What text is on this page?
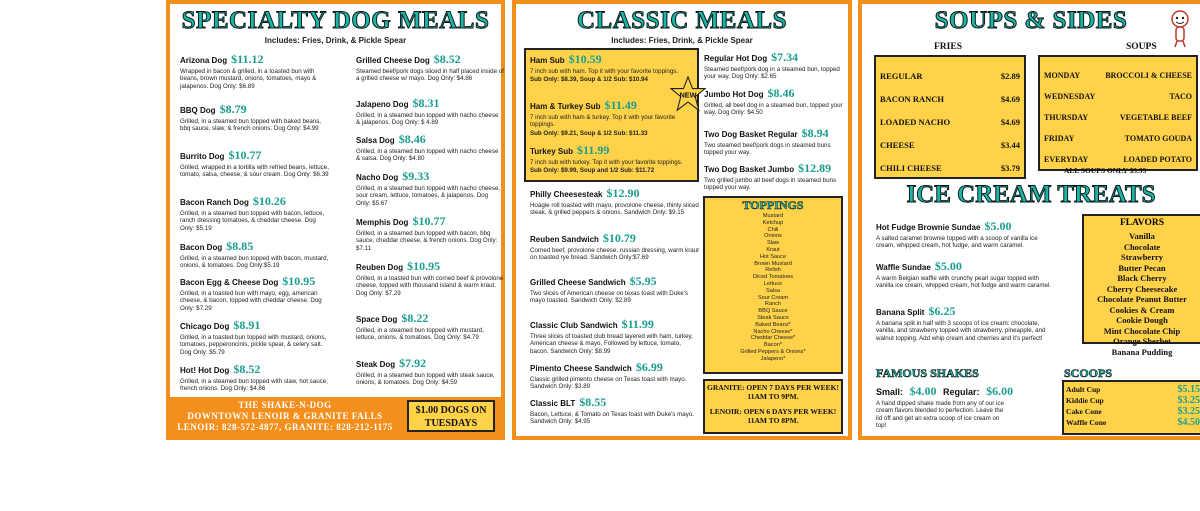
SPECIALTY DOG MEALS
Includes: Fries, Drink, & Pickle Spear
Arizona Dog $11.12
Wrapped in bacon & grilled, in a toasted bun with beans, brown mustard, onions, tomatoes, mayo & jalapenos. Dog Only: $6.89
BBQ Dog $8.79
Grilled, in a steamed bun topped with baked beans, bbq sauce, slaw, & french onions. Dog Only: $4.99
Burrito Dog $10.77
Grilled, wrapped in a tortilla with refried beans, lettuce, tomato, salsa, cheese, & sour cream. Dog Only: $6.39
Bacon Ranch Dog $10.26
Grilled, in a steamed bun topped with bacon, lettuce, ranch dressing tomatoes, & cheddar cheese. Dog Only: $5.19
Bacon Dog $8.85
Grilled, in a steamed bun topped with bacon, mustard, onions, & tomatoes. Dog Only:$5.19
Bacon Egg & Cheese Dog $10.95
Grilled, in a toasted bun with mayo, egg, american cheese, & bacon, topped with cheddar cheese. Dog Only: $7.29
Chicago Dog $8.91
Grilled, in a toasted bun topped with mustard, onions, tomatoes, pepperoncinis, pickle spear, & celery salt. Dog Only: $5.79
Hot! Hot Dog $8.52
Grilled, in a steamed bun topped with slaw, hot sauce, french onions. Dog Only: $4.86
Grilled Cheese Dog $8.52
Steamed beef/pork dogs sliced in half placed inside of a grilled cheese w/ mayo. Dog Only: $4.86
Jalapeno Dog $8.31
Grilled, in a steamed bun topped with nacho cheese & jalapenos. Dog Only: $ 4.89
Salsa Dog $8.46
Grilled, in a steamed bun topped with nacho cheese & salsa. Dog Only: $4.80
Nacho Dog $9.33
Grilled, in a steamed bun topped with nacho cheese, sour cream, lettuce, tomatoes, & jalapenos. Dog Only: $5.67
Memphis Dog $10.77
Grilled, in a steamed bun topped with bacon, bbq sauce, cheddar cheese, & french onions. Dog Only: $7.11
Reuben Dog $10.95
Grilled, in a toasted bun with corned beef & provolone cheese, topped with thousand island & warm kraut. Dog Only: $7.29
Space Dog $8.22
Grilled, in a steamed bun topped with mustard, lettuce, onions, & tomatoes. Dog Only: $4.79
Steak Dog $7.92
Grilled, in a steamed bun topped with steak sauce, onions, & tomatoes. Dog Only: $4.59
THE SHAKE-N-DOG
DOWNTOWN LENOIR & GRANITE FALLS
LENOIR: 828-572-4877, GRANITE: 828-212-1175
$1.00 DOGS ON TUESDAYS
CLASSIC MEALS
Includes: Fries, Drink, & Pickle Spear
Ham Sub $10.59
7 inch sub with ham. Top it with your favorite toppings.
Sub Only: $8.39, Soup & 1/2 Sub: $10.94
Ham & Turkey Sub $11.49
7 inch sub with ham & turkey. Top it with your favorite toppings.
Sub Only: $9.21, Soup & 1/2 Sub: $11.33
Turkey Sub $11.99
7 inch sub with turkey. Top it with your favorite toppings.
Sub Only: $9.99, Soup and 1/2 Sub: $11.72
NEW
Philly Cheesesteak $12.90
Hoagie roll toasted with mayo, provolone cheese, thinly sliced steak, & grilled peppers & onions. Sandwich Only: $9.15
Reuben Sandwich $10.79
Corned beef, provolone cheese, russian dressing, warm kraut on toasted rye bread. Sandwich Only:$7.69
Grilled Cheese Sandwich $5.95
Two slices of American cheese on texas toast with Duke's mayo toasted. Sandwich Only: $2.89
Classic Club Sandwich $11.99
Three slices of toasted club bread layered with ham, turkey, American cheese & mayo. Followed by lettuce, tomato, bacon. Sandwich Only: $8.99
Pimento Cheese Sandwich $6.99
Classic grilled pimento cheese on Texas toast with mayo. Sandwich Only: $3.89
Classic BLT $8.55
Bacon, Lettuce, & Tomato on Texas toast with Duke's mayo. Sandwich Only: $4.95
Regular Hot Dog $7.34
Steamed beef/pork dog in a steamed bun, topped your way. Dog Only: $2.65
Jumbo Hot Dog $8.46
Grilled, all beef dog in a steamed bun, topped your way. Dog Only: $4.50
Two Dog Basket Regular $8.94
Two steamed beef/pork dogs in steamed buns topped your way.
Two Dog Basket Jumbo $12.89
Two grilled jumbo all beef dogs in steamed buns topped your way.
TOPPINGS
Mustard
Ketchup
Chili
Onions
Slaw
Kraut
Hot Sauce
Brown Mustard
Relish
Diced Tomatoes
Lettuce
Salsa
Sour Cream
Ranch
BBQ Sauce
Steak Sauce
Baked Beans*
Nacho Cheese*
Cheddar Cheese*
Bacon*
Grilled Peppers & Onions*
Jalapeno*
GRANITE: OPEN 7 DAYS PER WEEK! 11AM TO 9PM.
LENOIR: OPEN 6 DAYS PER WEEK! 11AM TO 8PM.
SOUPS & SIDES
FRIES	SOUPS
REGULAR	$2.89
BACON RANCH	$4.69
LOADED NACHO	$4.69
CHEESE	$3.44
CHILI CHEESE	$3.79
MONDAY	BROCCOLI & CHEESE
WEDNESDAY	TACO
THURSDAY	VEGETABLE BEEF
FRIDAY	TOMATO GOUDA
EVERYDAY	LOADED POTATO
ALL SOUPS ONLY $3.99
ICE CREAM TREATS
Hot Fudge Brownie Sundae $5.00
A salted caramel brownie topped with a scoop of vanilla ice cream, whipped cream, hot fudge, and warm caramel.
Waffle Sundae $5.00
A warm Belgian waffle with crunchy pearl sugar topped with vanilla ice cream, whipped cream, hot fudge and warm caramel.
Banana Split $6.25
A banana split in half with 3 scoops of ice cream: chocolate, vanilla, and strawberry topped with strawberry, pineapple, and walnut topping. Add whip cream and cherries and it's perfect!
FLAVORS
Vanilla
Chocolate
Strawberry
Butter Pecan
Black Cherry
Cherry Cheesecake
Chocolate Peanut Butter
Cookies & Cream
Cookie Dough
Mint Chocolate Chip
Orange Sherbet
Banana Pudding
FAMOUS SHAKES
Small: $4.00 Regular: $6.00
A hand dipped shake made from any of our ice cream flavors blended to perfection. Leave the lid off and get an extra scoop of ice cream on top!
SCOOPS
Adult Cup	$5.15
Kiddie Cup	$3.25
Cake Cone	$3.25
Waffle Cone	$4.50
